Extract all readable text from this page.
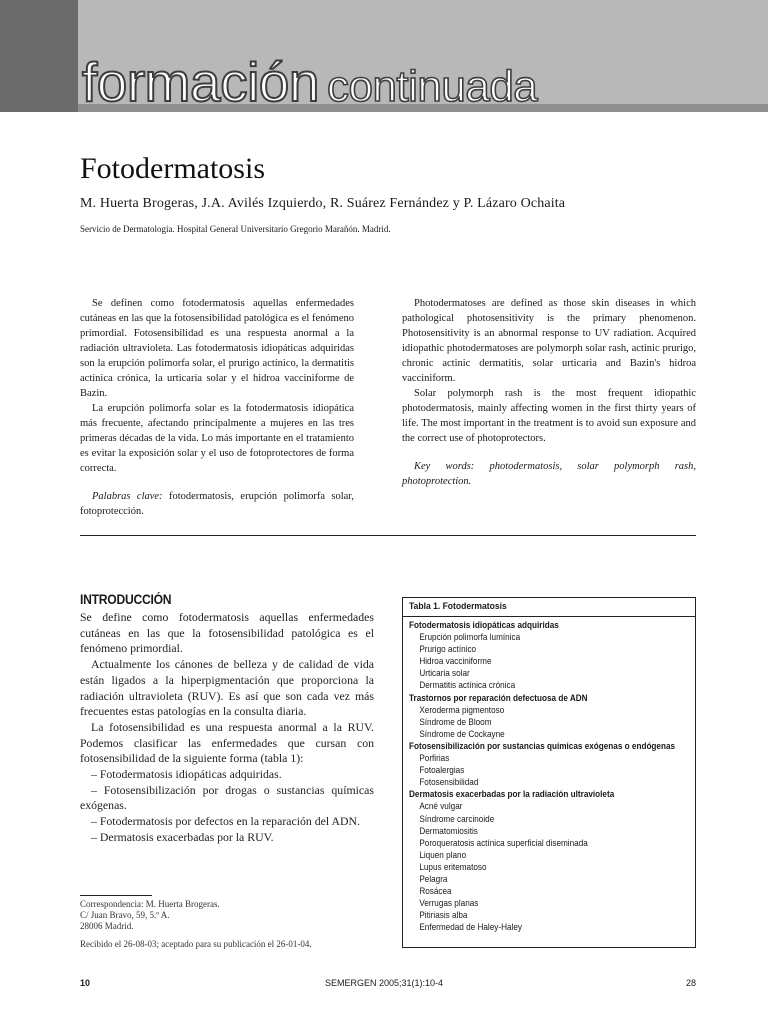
formación continuada
Fotodermatosis
M. Huerta Brogeras, J.A. Avilés Izquierdo, R. Suárez Fernández y P. Lázaro Ochaita
Servicio de Dermatología. Hospital General Universitario Gregorio Marañón. Madrid.

Se definen como fotodermatosis aquellas enfermedades cutáneas en las que la fotosensibilidad patológica es el fenómeno primordial. Fotosensibilidad es una respuesta anormal a la radiación ultravioleta. Las fotodermatosis idiopáticas adquiridas son la erupción polimorfa solar, el prurigo actínico, la dermatitis actínica crónica, la urticaria solar y el hidroa vacciniforme de Bazin.

La erupción polimorfa solar es la fotodermatosis idiopática más frecuente, afectando principalmente a mujeres en las tres primeras décadas de la vida. Lo más importante en el tratamiento es evitar la exposición solar y el uso de fotoprotectores de forma correcta.

Palabras clave: fotodermatosis, erupción polimorfa solar, fotoprotección.

Photodermatoses are defined as those skin diseases in which pathological photosensitivity is the primary phenomenon. Photosensitivity is an abnormal response to UV radiation. Acquired idiopathic photodermatoses are polymorph solar rash, actinic prurigo, chronic actinic dermatitis, solar urticaria and Bazin's hidroa vacciniform.

Solar polymorph rash is the most frequent idiopathic photodermatosis, mainly affecting women in the first thirty years of life. The most important in the treatment is to avoid sun exposure and the correct use of photoprotectors.

Key words: photodermatosis, solar polymorph rash, photoprotection.

INTRODUCCIÓN

Se define como fotodermatosis aquellas enfermedades cutáneas en las que la fotosensibilidad patológica es el fenómeno primordial.

Actualmente los cánones de belleza y de calidad de vida están ligados a la hiperpigmentación que proporciona la radiación ultravioleta (RUV). Es así que son cada vez más frecuentes estas patologías en la consulta diaria.

La fotosensibilidad es una respuesta anormal a la RUV. Podemos clasificar las enfermedades que cursan con fotosensibilidad de la siguiente forma (tabla 1):

– Fotodermatosis idiopáticas adquiridas.

– Fotosensibilización por drogas o sustancias químicas exógenas.

– Fotodermatosis por defectos en la reparación del ADN.

– Dermatosis exacerbadas por la RUV.

Correspondencia: M. Huerta Brogeras.
C/ Juan Bravo, 59, 5.º A.
28006 Madrid.
Recibido el 26-08-03; aceptado para su publicación el 26-01-04.
Tabla 1. Fotodermatosis
Fotodermatosis idiopáticas adquiridas
Erupción polimorfa lumínica
Prurigo actínico
Hidroa vacciniforme
Urticaria solar
Dermatitis actínica crónica
Trastornos por reparación defectuosa de ADN
Xeroderma pigmentoso
Síndrome de Bloom
Síndrome de Cockayne
Fotosensibilización por sustancias químicas exógenas o endógenas
Porfirias
Fotoalergias
Fotosensibilidad
Dermatosis exacerbadas por la radiación ultravioleta
Acné vulgar
Síndrome carcinoide
Dermatomiositis
Poroqueratosis actínica superficial diseminada
Liquen plano
Lupus eritematoso
Pelagra
Rosácea
Verrugas planas
Pitiriasis alba
Enfermedad de Haley-Haley
10	SEMERGEN 2005;31(1):10-4	28
